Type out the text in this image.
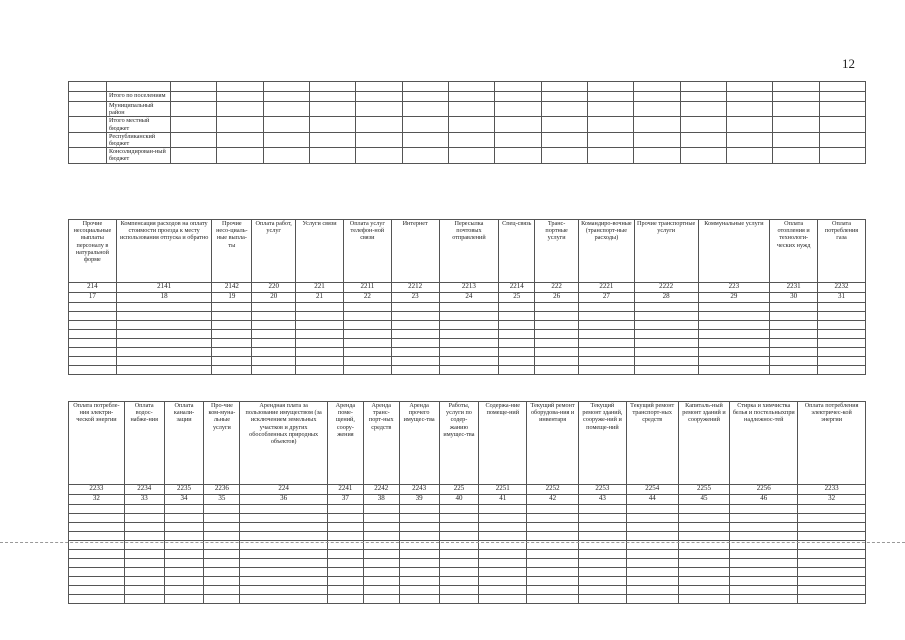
12

	Итого по поселениям															
	Муниципальный район															
	Итого местный бюджет															
	Республиканский бюджет															
	Консолидирован-ный бюджет															
Прочие несоциальные выплаты персоналу в натуральной форме	Компенсация расходов на оплату стоимости проезда к месту использования отпуска и обратно	Прочие несо-циаль-ные выпла-ты	Оплата работ, услуг	Услуги связи	Оплата услуг телефон-ной связи	Интернет	Пересылка почтовых отправлений	Спец-связь	Транс-портные услуги	Командиро-вочные (транспорт-ные расходы)	Прочие транспортные услуги	Коммунальные услуги	Оплата отопления и технологи-ческих нужд	Оплата потребления газа
214	2141	2142	220	221	2211	2212	2213	2214	222	2221	2222	223	2231	2232
17	18	19	20	21	22	23	24	25	26	27	28	29	30	31

Оплата потребле-ния электри-ческой энергии	Оплата водос-набже-ния	Оплата канали-зации	Про-чие ком-муна-льные услуги	Арендная плата за пользование имуществом (за исключением земельных участков и других обособленных природных объектов)	Аренда поме-щений, соору-жения	Аренда транс-порт-ных средств	Аренда прочего имущес-тва	Работы, услуги по содер-жанию имущес-тва	Содержа-ние помеще-ний	Текущий ремонт оборудова-ния и инвентаря	Текущий ремонт зданий, сооруже-ний и помеще-ний	Текущий ремонт транспорт-ных средств	Капиталь-ный ремонт зданий и сооружений	Стирка и химчистка белья и постельныхпри надлежнос-тей	Оплата потребления электричес-кой энергии
2233	2234	2235	2236	224	2241	2242	2243	225	2251	2252	2253	2254	2255	2256	2233
32	33	34	35	36	37	38	39	40	41	42	43	44	45	46	32
